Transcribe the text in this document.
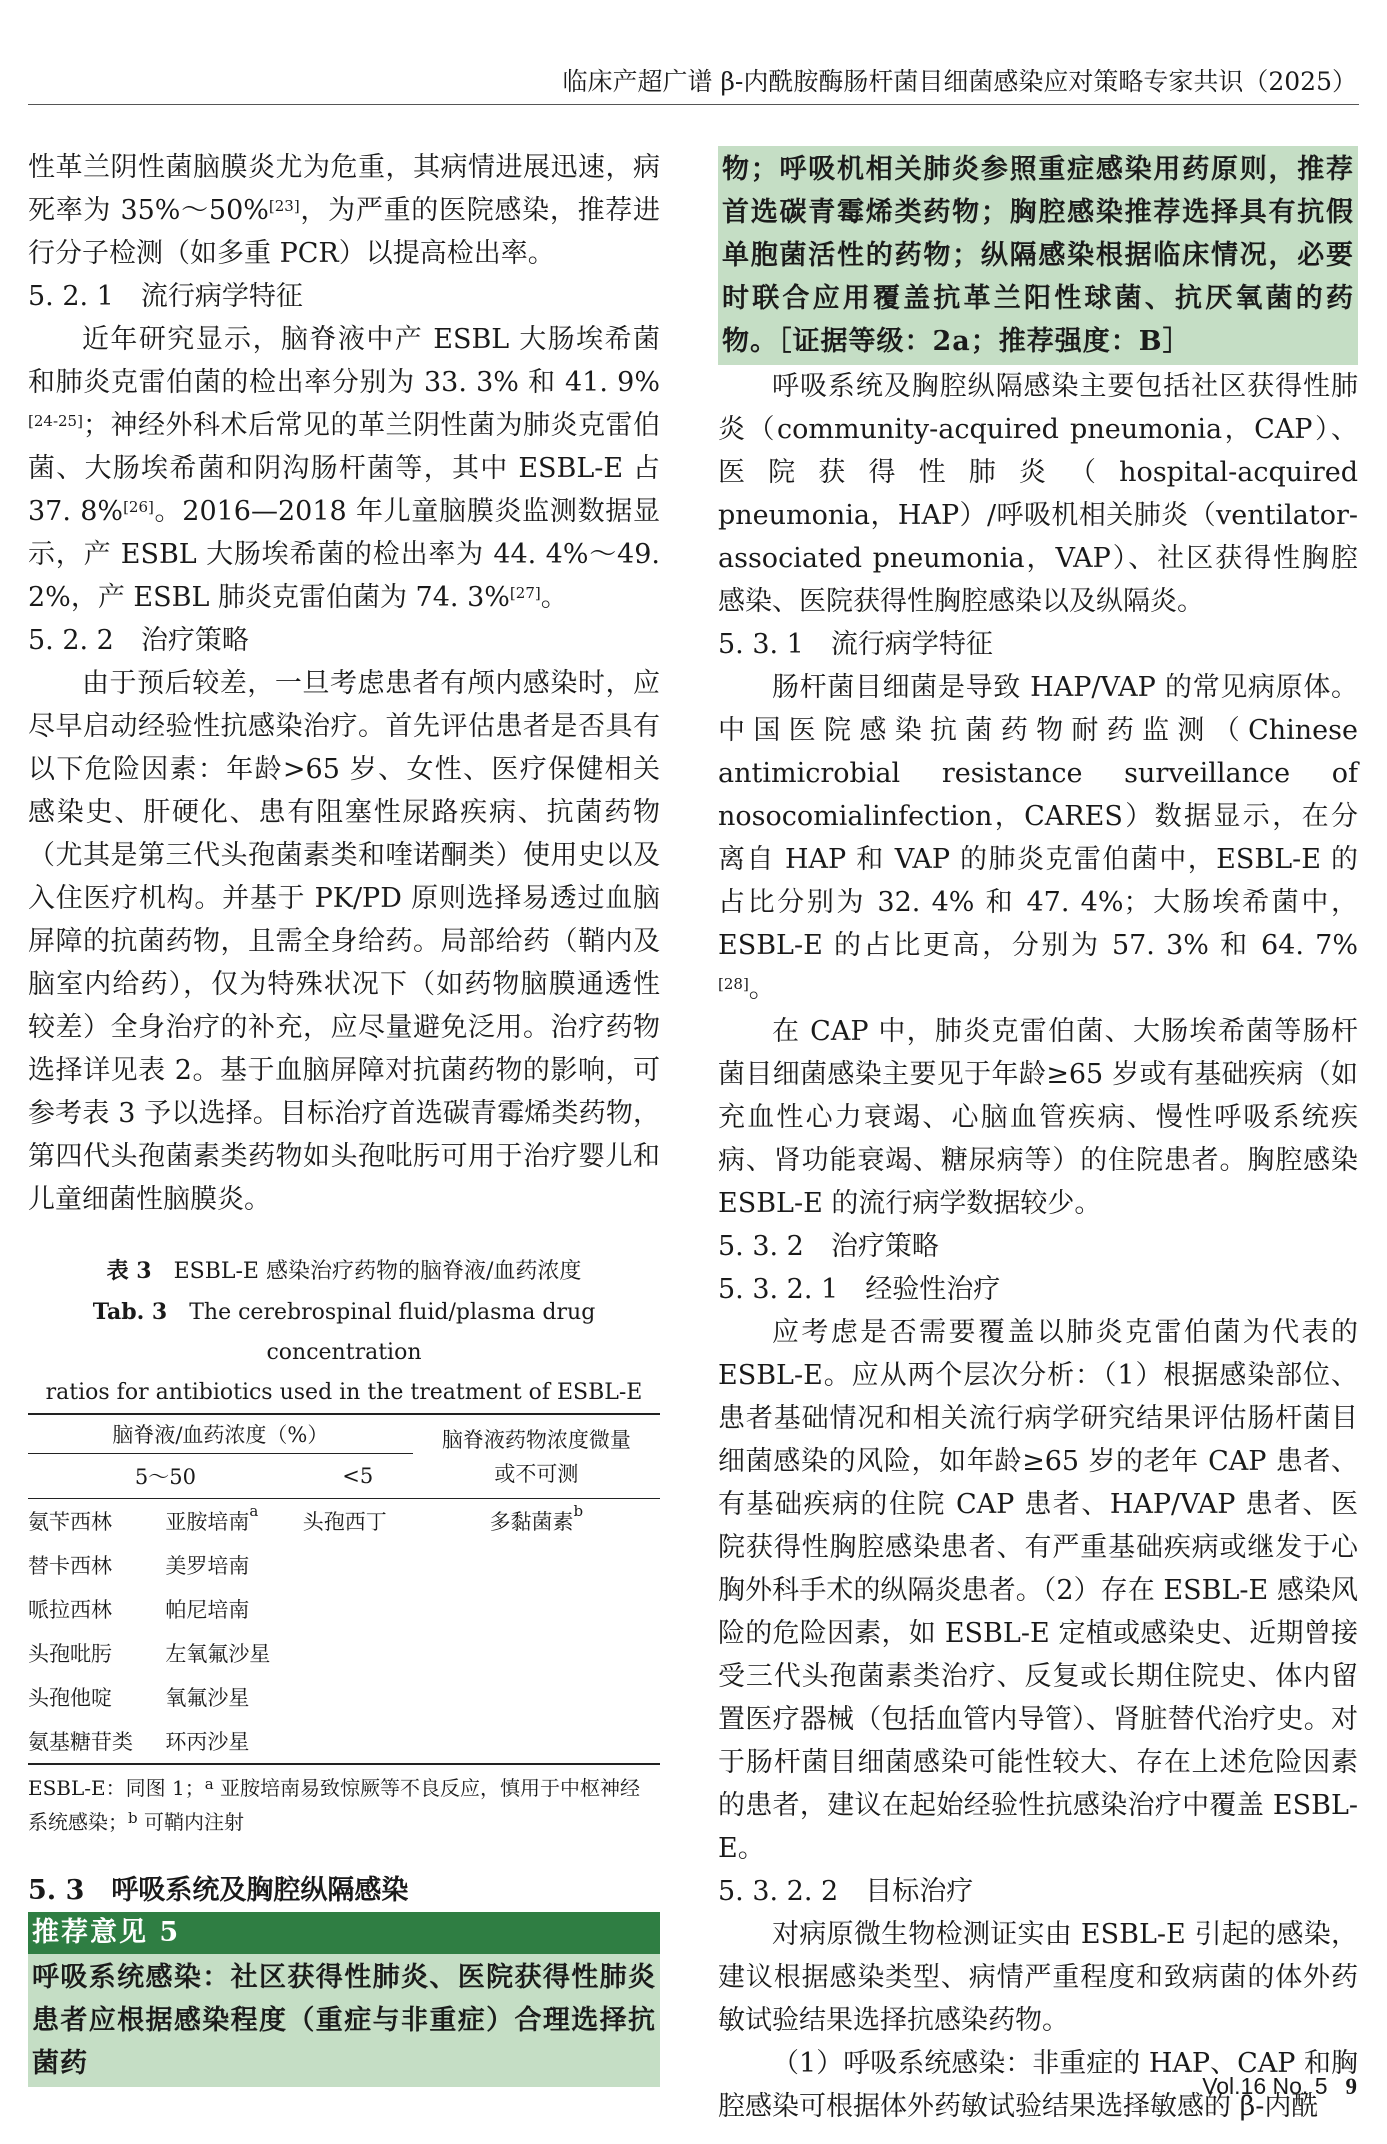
临床产超广谱 β-内酰胺酶肠杆菌目细菌感染应对策略专家共识（2025）

性革兰阴性菌脑膜炎尤为危重，其病情进展迅速，病死率为 35%～50%[23]，为严重的医院感染，推荐进行分子检测（如多重 PCR）以提高检出率。

5. 2. 1　流行病学特征

近年研究显示，脑脊液中产 ESBL 大肠埃希菌和肺炎克雷伯菌的检出率分别为 33. 3% 和 41. 9%[24-25]；神经外科术后常见的革兰阴性菌为肺炎克雷伯菌、大肠埃希菌和阴沟肠杆菌等，其中 ESBL-E 占 37. 8%[26]。2016—2018 年儿童脑膜炎监测数据显示，产 ESBL 大肠埃希菌的检出率为 44. 4%～49. 2%，产 ESBL 肺炎克雷伯菌为 74. 3%[27]。

5. 2. 2　治疗策略

由于预后较差，一旦考虑患者有颅内感染时，应尽早启动经验性抗感染治疗。首先评估患者是否具有以下危险因素：年龄>65 岁、女性、医疗保健相关感染史、肝硬化、患有阻塞性尿路疾病、抗菌药物（尤其是第三代头孢菌素类和喹诺酮类）使用史以及入住医疗机构。并基于 PK/PD 原则选择易透过血脑屏障的抗菌药物，且需全身给药。局部给药（鞘内及脑室内给药），仅为特殊状况下（如药物脑膜通透性较差）全身治疗的补充，应尽量避免泛用。治疗药物选择详见表 2。基于血脑屏障对抗菌药物的影响，可参考表 3 予以选择。目标治疗首选碳青霉烯类药物，第四代头孢菌素类药物如头孢吡肟可用于治疗婴儿和儿童细菌性脑膜炎。

表 3　 ESBL-E 感染治疗药物的脑脊液/血药浓度
Tab. 3　 The cerebrospinal fluid/plasma drug concentration
ratios for antibiotics used in the treatment of ESBL-E
脑脊液/血药浓度（%）			脑脊液药物浓度微量
或不可测
5～50		<5	
氨苄西林	亚胺培南$^a$	头孢西丁	多黏菌素$^b$
替卡西林	美罗培南		
哌拉西林	帕尼培南		
头孢吡肟	左氧氟沙星		
头孢他啶	氧氟沙星		
氨基糖苷类	环丙沙星		
ESBL-E：同图 1；$^a$ 亚胺培南易致惊厥等不良反应，慎用于中枢神经系统感染；$^b$ 可鞘内注射
5. 3　呼吸系统及胸腔纵隔感染
推荐意见 5

呼吸系统感染：社区获得性肺炎、医院获得性肺炎患者应根据感染程度（重症与非重症）合理选择抗菌药

物；呼吸机相关肺炎参照重症感染用药原则，推荐首选碳青霉烯类药物；胸腔感染推荐选择具有抗假单胞菌活性的药物；纵隔感染根据临床情况，必要时联合应用覆盖抗革兰阳性球菌、抗厌氧菌的药物。［证据等级：2a；推荐强度：B］

呼吸系统及胸腔纵隔感染主要包括社区获得性肺炎（community-acquired pneumonia，CAP）、医院获得性肺炎（hospital-acquired pneumonia，HAP）/呼吸机相关肺炎（ventilator-associated pneumonia，VAP）、社区获得性胸腔感染、医院获得性胸腔感染以及纵隔炎。

5. 3. 1　流行病学特征

肠杆菌目细菌是导致 HAP/VAP 的常见病原体。中国医院感染抗菌药物耐药监测（Chinese antimicrobial resistance surveillance of nosocomialinfection，CARES）数据显示，在分离自 HAP 和 VAP 的肺炎克雷伯菌中，ESBL-E 的占比分别为 32. 4% 和 47. 4%；大肠埃希菌中，ESBL-E 的占比更高，分别为 57. 3% 和 64. 7%[28]。

在 CAP 中，肺炎克雷伯菌、大肠埃希菌等肠杆菌目细菌感染主要见于年龄≥65 岁或有基础疾病（如充血性心力衰竭、心脑血管疾病、慢性呼吸系统疾病、肾功能衰竭、糖尿病等）的住院患者。胸腔感染 ESBL-E 的流行病学数据较少。

5. 3. 2　治疗策略
5. 3. 2. 1　经验性治疗

应考虑是否需要覆盖以肺炎克雷伯菌为代表的 ESBL-E。应从两个层次分析：（1）根据感染部位、患者基础情况和相关流行病学研究结果评估肠杆菌目细菌感染的风险，如年龄≥65 岁的老年 CAP 患者、有基础疾病的住院 CAP 患者、HAP/VAP 患者、医院获得性胸腔感染患者、有严重基础疾病或继发于心胸外科手术的纵隔炎患者。（2）存在 ESBL-E 感染风险的危险因素，如 ESBL-E 定植或感染史、近期曾接受三代头孢菌素类治疗、反复或长期住院史、体内留置医疗器械（包括血管内导管）、肾脏替代治疗史。对于肠杆菌目细菌感染可能性较大、存在上述危险因素的患者，建议在起始经验性抗感染治疗中覆盖 ESBL-E。

5. 3. 2. 2　目标治疗

对病原微生物检测证实由 ESBL-E 引起的感染，建议根据感染类型、病情严重程度和致病菌的体外药敏试验结果选择抗感染药物。

（1）呼吸系统感染：非重症的 HAP、CAP 和胸腔感染可根据体外药敏试验结果选择敏感的 β-内酰

Vol.16 No. 5 9
